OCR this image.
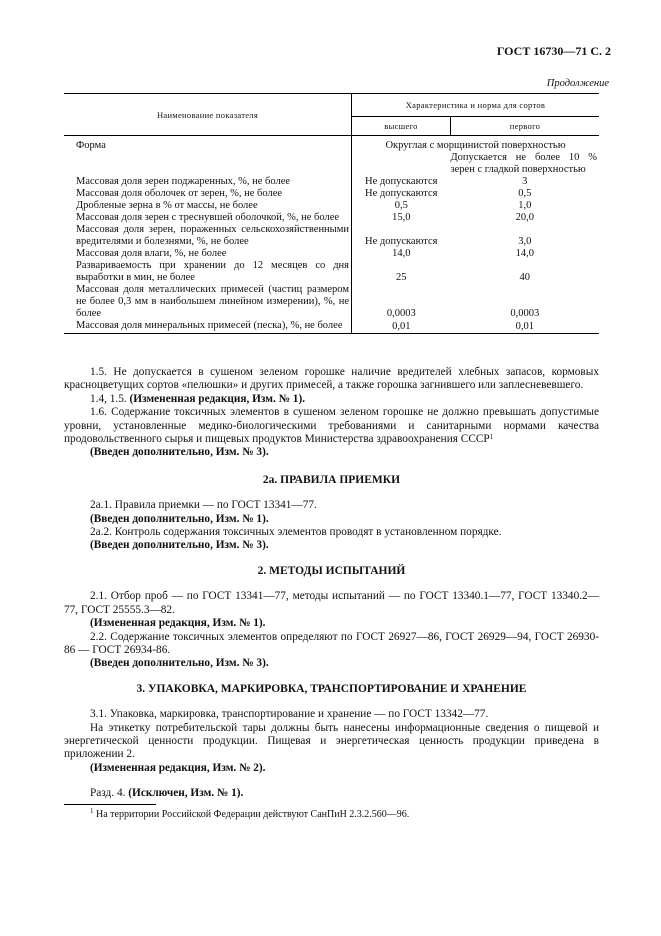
ГОСТ 16730—71 С. 2
Продолжение
Наименование показателя	Характеристика и норма для сортов	
	высшего	первого
Форма	Округлая с морщинистой поверхностью	
		Допускается не более 10 % зерен с гладкой поверхностью
Массовая доля зерен поджаренных, %, не более	Не допускаются	3
Массовая доля оболочек от зерен, %, не более	Не допускаются	0,5
Дробленые зерна в % от массы, не более	0,5	1,0
Массовая доля зерен с треснувшей оболочкой, %, не более	15,0	20,0
Массовая доля зерен, пораженных сельскохозяйственными вредителями и болезнями, %, не более	Не допускаются	3,0
Массовая доля влаги, %, не более	14,0	14,0
Развариваемость при хранении до 12 месяцев со дня выработки в мин, не более	25	40
Массовая доля металлических примесей (частиц размером не более 0,3 мм в наибольшем линейном измерении), %, не более	0,0003	0,0003
Массовая доля минеральных примесей (песка), %, не более	0,01	0,01

1.5. Не допускается в сушеном зеленом горошке наличие вредителей хлебных запасов, кормовых красноцветущих сортов «пелюшки» и других примесей, а также горошка загнившего или заплесневевшего.

1.4, 1.5. (Измененная редакция, Изм. № 1).

1.6. Содержание токсичных элементов в сушеном зеленом горошке не должно превышать допустимые уровни, установленные медико-биологическими требованиями и санитарными нормами качества продовольственного сырья и пищевых продуктов Министерства здравоохранения СССР$^1$

(Введен дополнительно, Изм. № 3).

2а. ПРАВИЛА ПРИЕМКИ

2а.1. Правила приемки — по ГОСТ 13341—77.

(Введен дополнительно, Изм. № 1).

2а.2. Контроль содержания токсичных элементов проводят в установленном порядке.

(Введен дополнительно, Изм. № 3).

2. МЕТОДЫ ИСПЫТАНИЙ

2.1. Отбор проб — по ГОСТ 13341—77, методы испытаний — по ГОСТ 13340.1—77, ГОСТ 13340.2—77, ГОСТ 25555.3—82.

(Измененная редакция, Изм. № 1).

2.2. Содержание токсичных элементов определяют по ГОСТ 26927—86, ГОСТ 26929—94, ГОСТ 26930-86 — ГОСТ 26934-86.

(Введен дополнительно, Изм. № 3).

3. УПАКОВКА, МАРКИРОВКА, ТРАНСПОРТИРОВАНИЕ И ХРАНЕНИЕ

3.1. Упаковка, маркировка, транспортирование и хранение — по ГОСТ 13342—77.

На этикетку потребительской тары должны быть нанесены информационные сведения о пищевой и энергетической ценности продукции. Пищевая и энергетическая ценность продукции приведена в приложении 2.

(Измененная редакция, Изм. № 2).

Разд. 4. (Исключен, Изм. № 1).

$^1$ На территории Российской Федерации действуют СанПиН 2.3.2.560—96.
